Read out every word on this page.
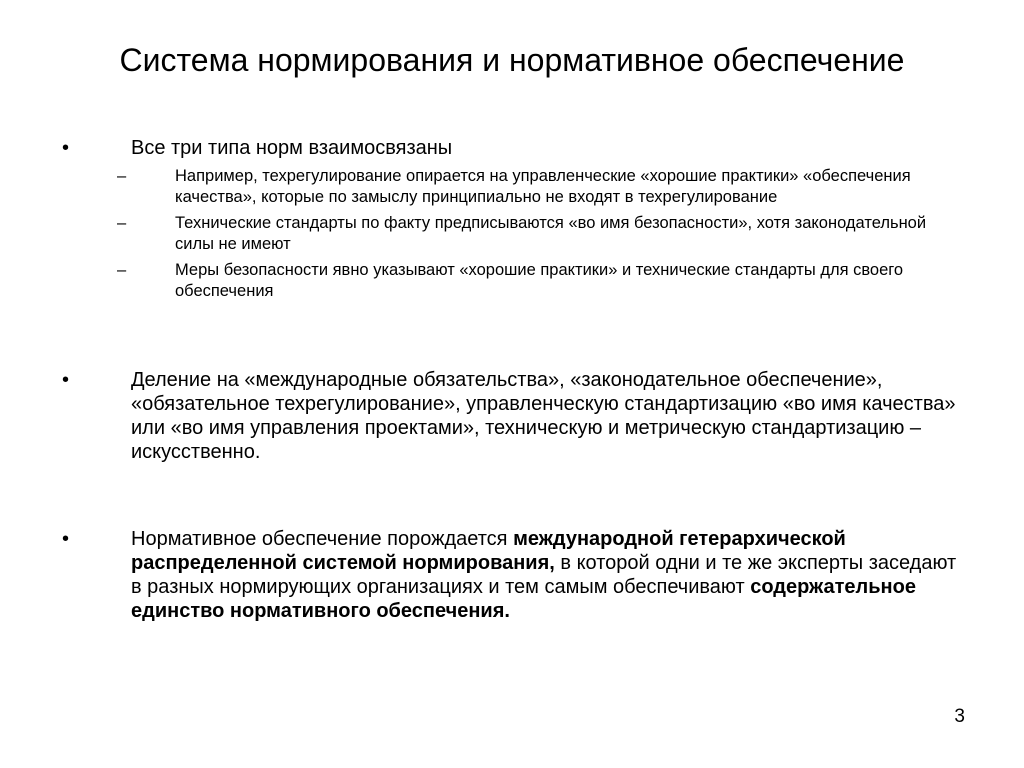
Система нормирования и нормативное обеспечение
•	Все три типа норм взаимосвязаны
–	Например, техрегулирование опирается на управленческие «хорошие практики» «обеспечения качества», которые по замыслу принципиально не входят в техрегулирование
–	Технические стандарты по факту предписываются «во имя безопасности», хотя законодательной силы не имеют
–	Меры безопасности явно указывают «хорошие практики» и технические стандарты для своего обеспечения
•	Деление на «международные обязательства», «законодательное обеспечение», «обязательное техрегулирование», управленческую стандартизацию «во имя качества» или «во имя управления проектами», техническую и метрическую стандартизацию – искусственно.
•	Нормативное обеспечение порождается международной гетерархической распределенной системой нормирования, в которой одни и те же эксперты заседают в разных нормирующих организациях и тем самым обеспечивают содержательное единство нормативного обеспечения.
3
